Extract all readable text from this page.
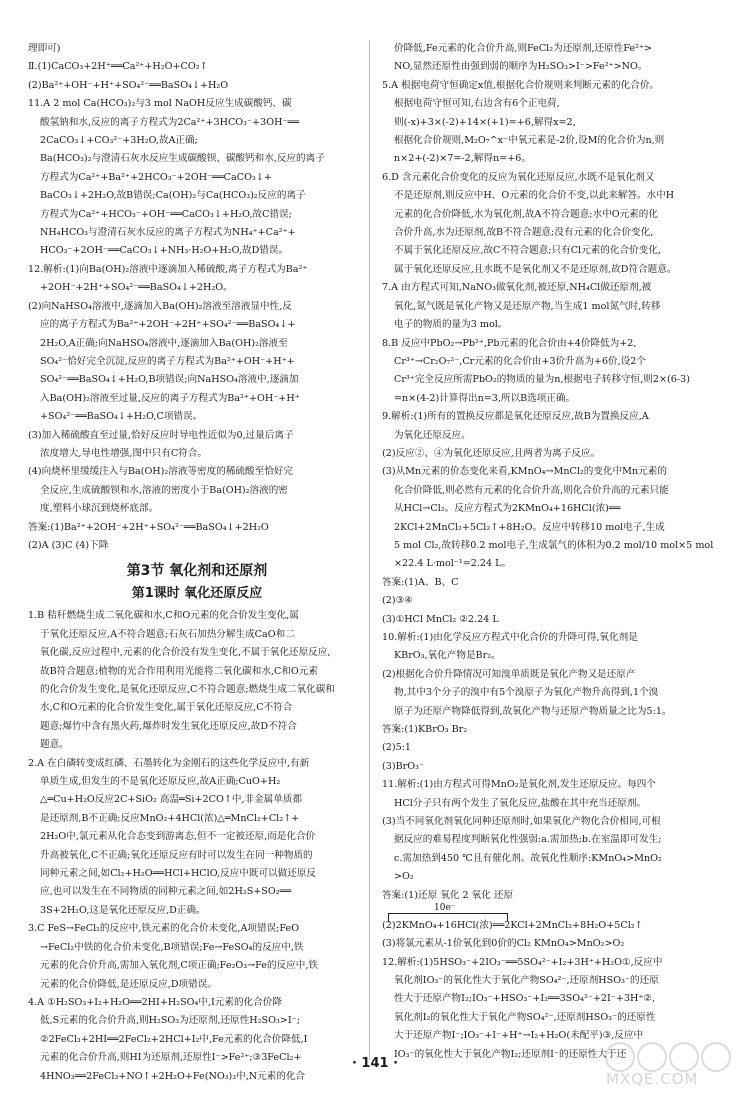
理即可)
Ⅱ.(1)CaCO₃+2H⁺══Ca²⁺+H₂O+CO₂↑
(2)Ba²⁺+OH⁻+H⁺+SO₄²⁻══BaSO₄↓+H₂O
11.A 2 mol Ca(HCO₃)₂与3 mol NaOH反应生成碳酸钙、碳
酸氢钠和水,反应的离子方程式为2Ca²⁺+3HCO₃⁻+3OH⁻══
2CaCO₃↓+CO₃²⁻+3H₂O,故A正确;
Ba(HCO₃)₂与澄清石灰水反应生成碳酸钡、碳酸钙和水,反应的离子
方程式为Ca²⁺+Ba²⁺+2HCO₃⁻+2OH⁻══CaCO₃↓+
BaCO₃↓+2H₂O,故B错误;Ca(OH)₂与Ca(HCO₃)₂反应的离子
方程式为Ca²⁺+HCO₃⁻+OH⁻══CaCO₃↓+H₂O,故C错误;
NH₄HCO₃与澄清石灰水反应的离子方程式为NH₄⁺+Ca²⁺+
HCO₃⁻+2OH⁻══CaCO₃↓+NH₃·H₂O+H₂O,故D错误。
12.解析:(1)向Ba(OH)₂溶液中逐滴加入稀硫酸,离子方程式为Ba²⁺
+2OH⁻+2H⁺+SO₄²⁻══BaSO₄↓+2H₂O。
(2)向NaHSO₄溶液中,逐滴加入Ba(OH)₂溶液至溶液显中性,反
应的离子方程式为Ba²⁺+2OH⁻+2H⁺+SO₄²⁻══BaSO₄↓+
2H₂O,A正确;向NaHSO₄溶液中,逐滴加入Ba(OH)₂溶液至
SO₄²⁻恰好完全沉淀,反应的离子方程式为Ba²⁺+OH⁻+H⁺+
SO₄²⁻══BaSO₄↓+H₂O,B项错误;向NaHSO₄溶液中,逐滴加
入Ba(OH)₂溶液至过量,反应的离子方程式为Ba²⁺+OH⁻+H⁺
+SO₄²⁻══BaSO₄↓+H₂O,C项错误。
(3)加入稀硫酸直至过量,恰好反应时导电性近似为0,过量后离子
浓度增大,导电性增强,图中只有C符合。
(4)向烧杯里缓缓注入与Ba(OH)₂溶液等密度的稀硫酸至恰好完
全反应,生成硫酸钡和水,溶液的密度小于Ba(OH)₂溶液的密
度,塑料小球沉到烧杯底部。
答案:(1)Ba²⁺+2OH⁻+2H⁺+SO₄²⁻══BaSO₄↓+2H₂O
(2)A (3)C (4)下降
第3节 氧化剂和还原剂
第1课时 氧化还原反应
1.B 秸秆燃烧生成二氧化碳和水,C和O元素的化合价发生变化,属
于氧化还原反应,A不符合题意;石灰石加热分解生成CaO和二
氧化碳,反应过程中,元素的化合价没有发生变化,不属于氧化还原反应,
故B符合题意;植物的光合作用利用光能将二氧化碳和水,C和O元素
的化合价发生变化,是氧化还原反应,C不符合题意;燃烧生成二氧化碳和
水,C和O元素的化合价发生变化,属于氧化还原反应,C不符合
题意;爆竹中含有黑火药,爆炸时发生氧化还原反应,故D不符合
题意。
2.A 在白磷转变成红磷、石墨转化为金刚石的这些化学反应中,有新
单质生成,但发生的不是氧化还原反应,故A正确;CuO+H₂
△═Cu+H₂O反应2C+SiO₂ 高温═Si+2CO↑中,非金属单质都
是还原剂,B不正确;反应MnO₂+4HCl(浓)△═MnCl₂+Cl₂↑+
2H₂O中,氯元素从化合态变到游离态,但不一定被还原,而是化合价
升高被氧化,C不正确;氧化还原反应有时可以发生在同一种物质的
同种元素之间,如Cl₂+H₂O══HCl+HClO,反应中既可以做还原反
应,也可以发生在不同物质的同种元素之间,如2H₂S+SO₂══
3S+2H₂O,这是氧化还原反应,D正确。
3.C FeS→FeCl₂的反应中,铁元素的化合价未变化,A项错误;FeO
→FeCl₂中铁的化合价未变化,B项错误;Fe→FeSO₄的反应中,铁
元素的化合价升高,需加入氧化剂,C项正确;Fe₂O₃→Fe的反应中,铁
元素的化合价降低,是还原反应,D项错误。
4.A ①H₂SO₃+I₂+H₂O══2HI+H₂SO₄中,I元素的化合价降
低,S元素的化合价升高,则H₂SO₃为还原剂,还原性H₂SO₃>I⁻;
②2FeCl₃+2HI══2FeCl₂+2HCl+I₂中,Fe元素的化合价降低,I
元素的化合价升高,则HI为还原剂,还原性I⁻>Fe²⁺;③3FeCl₂+
4HNO₃══2FeCl₃+NO↑+2H₂O+Fe(NO₃)₃中,N元素的化合
价降低,Fe元素的化合价升高,则FeCl₂为还原剂,还原性Fe²⁺>
NO,显然还原性由强到弱的顺序为H₂SO₃>I⁻>Fe²⁺>NO。
5.A 根据电荷守恒确定x值,根据化合价规则来判断元素的化合价。
根据电荷守恒可知,右边含有6个正电荷,
则(-x)+3×(-2)+14×(+1)=+6,解得x=2,
根据化合价规则,M₂O₇^x⁻中氧元素是-2价,设M的化合价为n,则
n×2+(-2)×7=-2,解得n=+6。
6.D 含元素化合价变化的反应为氧化还原反应,水既不是氧化剂又
不是还原剂,则反应中H、O元素的化合价不变,以此来解答。水中H
元素的化合价降低,水为氧化剂,故A不符合题意;水中O元素的化
合价升高,水为还原剂,故B不符合题意;没有元素的化合价变化,
不属于氧化还原反应,故C不符合题意;只有Cl元素的化合价变化,
属于氧化还原反应,且水既不是氧化剂又不是还原剂,故D符合题意。
7.A 由方程式可知,NaNO₃做氧化剂,被还原,NH₄Cl做还原剂,被
氧化,氮气既是氧化产物又是还原产物,当生成1 mol氮气时,转移
电子的物质的量为3 mol。
8.B 反应中PbO₂→Pb²⁺,Pb元素的化合价由+4价降低为+2,
Cr³⁺→Cr₂O₇²⁻,Cr元素的化合价由+3价升高为+6价,设2个
Cr³⁺完全反应所需PbO₂的物质的量为n,根据电子转移守恒,则2×(6-3)
=n×(4-2)计算得出n=3,所以B选项正确。
9.解析:(1)所有的置换反应都是氧化还原反应,故B为置换反应,A
为氧化还原反应。
(2)反应②、④为氧化还原反应,且两者为离子反应。
(3)从Mn元素的价态变化来看,KMnO₄→MnCl₂的变化中Mn元素的
化合价降低,则必然有元素的化合价升高,则化合价升高的元素只能
从HCl→Cl₂。反应方程式为2KMnO₄+16HCl(浓)══
2KCl+2MnCl₂+5Cl₂↑+8H₂O。反应中转移10 mol电子,生成
5 mol Cl₂,故转移0.2 mol电子,生成氯气的体积为0.2 mol/10 mol×5 mol
×22.4 L·mol⁻¹=2.24 L。
答案:(1)A、B、C
(2)③④
(3)①HCl MnCl₂ ②2.24 L
10.解析:(1)由化学反应方程式中化合价的升降可得,氧化剂是
KBrO₃,氧化产物是Br₂。
(2)根据化合价升降情况可知溴单质既是氧化产物又是还原产
物,其中3个分子的溴中有5个溴原子为氧化产物升高得到,1个溴
原子为还原产物降低得到,故氧化产物与还原产物质量之比为5:1。
答案:(1)KBrO₃ Br₂
(2)5:1
(3)BrO₃⁻
11.解析:(1)由方程式可得MnO₂是氧化剂,发生还原反应。每四个
HCl分子只有两个发生了氧化反应,盐酸在其中充当还原剂。
(3)当不同氧化剂氧化同种还原剂时,如果氧化产物化合价相同,可根
据反应的难易程度判断氧化性强弱:a.需加热;b.在室温即可发生;
c.需加热到450 ℃且有催化剂。故氧化性顺序:KMnO₄>MnO₂
>O₂
答案:(1)还原 氧化 2 氧化 还原
10e⁻
(2)2KMnO₄+16HCl(浓)══2KCl+2MnCl₂+8H₂O+5Cl₂↑
(3)将氯元素从-1价氧化到0价的Cl₂ KMnO₄>MnO₂>O₂
12.解析:(1)5HSO₃⁻+2IO₃⁻══5SO₄²⁻+I₂+3H⁺+H₂O①,反应中
氧化剂IO₃⁻的氧化性大于氧化产物SO₄²⁻,还原剂HSO₃⁻的还原
性大于还原产物I₂;IO₃⁻+HSO₃⁻+I₂══3SO₄²⁻+2I⁻+3H⁺②,
氧化剂I₂的氧化性大于氧化产物SO₄²⁻,还原剂HSO₃⁻的还原性
大于还原产物I⁻;IO₃⁻+I⁻+H⁺→I₂+H₂O(未配平)③,反应中
IO₃⁻的氧化性大于氧化产物I₂;还原剂I⁻的还原性大于还
· 141 ·
MXQE.COM
